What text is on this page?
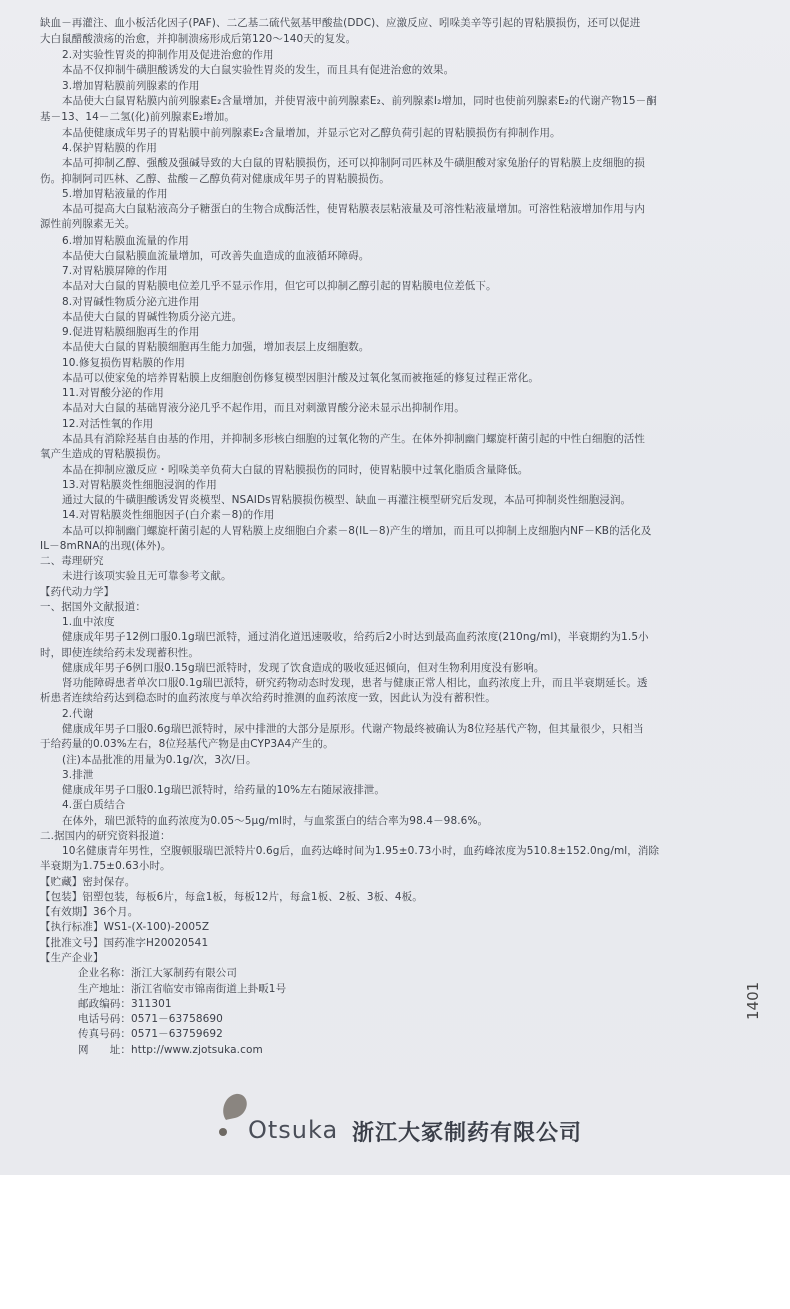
缺血－再灌注、血小板活化因子(PAF)、二乙基二硫代氨基甲酸盐(DDC)、应激反应、吲哚美辛等引起的胃粘膜损伤，还可以促进
大白鼠醋酸溃疡的治愈，并抑制溃疡形成后第120～140天的复发。
2.对实验性胃炎的抑制作用及促进治愈的作用
本品不仅抑制牛磺胆酸诱发的大白鼠实验性胃炎的发生，而且具有促进治愈的效果。
3.增加胃粘膜前列腺素的作用
本品使大白鼠胃粘膜内前列腺素E₂含量增加，并使胃液中前列腺素E₂、前列腺素I₂增加，同时也使前列腺素E₂的代谢产物15－酮
基－13、14－二氢(化)前列腺素E₂增加。
本品使健康成年男子的胃粘膜中前列腺素E₂含量增加，并显示它对乙醇负荷引起的胃粘膜损伤有抑制作用。
4.保护胃粘膜的作用
本品可抑制乙醇、强酸及强碱导致的大白鼠的胃粘膜损伤，还可以抑制阿司匹林及牛磺胆酸对家兔胎仔的胃粘膜上皮细胞的损
伤。抑制阿司匹林、乙醇、盐酸－乙醇负荷对健康成年男子的胃粘膜损伤。
5.增加胃粘液量的作用
本品可提高大白鼠粘液高分子糖蛋白的生物合成酶活性，使胃粘膜表层粘液量及可溶性粘液量增加。可溶性粘液增加作用与内
源性前列腺素无关。
6.增加胃粘膜血流量的作用
本品使大白鼠粘膜血流量增加，可改善失血造成的血液循环障碍。
7.对胃粘膜屏障的作用
本品对大白鼠的胃粘膜电位差几乎不显示作用，但它可以抑制乙醇引起的胃粘膜电位差低下。
8.对胃碱性物质分泌亢进作用
本品使大白鼠的胃碱性物质分泌亢进。
9.促进胃粘膜细胞再生的作用
本品使大白鼠的胃粘膜细胞再生能力加强，增加表层上皮细胞数。
10.修复损伤胃粘膜的作用
本品可以使家兔的培养胃粘膜上皮细胞创伤修复模型因胆汁酸及过氧化氢而被拖延的修复过程正常化。
11.对胃酸分泌的作用
本品对大白鼠的基础胃液分泌几乎不起作用，而且对刺激胃酸分泌未显示出抑制作用。
12.对活性氧的作用
本品具有消除羟基自由基的作用，并抑制多形核白细胞的过氧化物的产生。在体外抑制幽门螺旋杆菌引起的中性白细胞的活性
氧产生造成的胃粘膜损伤。
本品在抑制应激反应・吲哚美辛负荷大白鼠的胃粘膜损伤的同时，使胃粘膜中过氧化脂质含量降低。
13.对胃粘膜炎性细胞浸润的作用
通过大鼠的牛磺胆酸诱发胃炎模型、NSAIDs胃粘膜损伤模型、缺血－再灌注模型研究后发现，本品可抑制炎性细胞浸润。
14.对胃粘膜炎性细胞因子(白介素－8)的作用
本品可以抑制幽门螺旋杆菌引起的人胃粘膜上皮细胞白介素－8(IL－8)产生的增加，而且可以抑制上皮细胞内NF－KB的活化及
IL－8mRNA的出现(体外)。
二、毒理研究
未进行该项实验且无可靠参考文献。
【药代动力学】
一、据国外文献报道：
1.血中浓度
健康成年男子12例口服0.1g瑞巴派特，通过消化道迅速吸收，给药后2小时达到最高血药浓度(210ng/ml)，半衰期约为1.5小
时，即使连续给药未发现蓄积性。
健康成年男子6例口服0.15g瑞巴派特时，发现了饮食造成的吸收延迟倾向，但对生物利用度没有影响。
肾功能障碍患者单次口服0.1g瑞巴派特，研究药物动态时发现，患者与健康正常人相比，血药浓度上升，而且半衰期延长。透
析患者连续给药达到稳态时的血药浓度与单次给药时推测的血药浓度一致，因此认为没有蓄积性。
2.代谢
健康成年男子口服0.6g瑞巴派特时，尿中排泄的大部分是原形。代谢产物最终被确认为8位羟基代产物，但其量很少，只相当
于给药量的0.03%左右，8位羟基代产物是由CYP3A4产生的。
(注)本品批准的用量为0.1g/次，3次/日。
3.排泄
健康成年男子口服0.1g瑞巴派特时，给药量的10%左右随尿液排泄。
4.蛋白质结合
在体外，瑞巴派特的血药浓度为0.05～5μg/ml时，与血浆蛋白的结合率为98.4－98.6%。
二.据国内的研究资料报道：
10名健康青年男性，空腹顿服瑞巴派特片0.6g后，血药达峰时间为1.95±0.73小时，血药峰浓度为510.8±152.0ng/ml，消除
半衰期为1.75±0.63小时。
【贮藏】密封保存。
【包装】铝塑包装，每板6片，每盒1板，每板12片，每盒1板、2板、3板、4板。
【有效期】36个月。
【执行标准】WS1-(X-100)-2005Z
【批准文号】国药准字H20020541
【生产企业】
企业名称：浙江大冢制药有限公司
生产地址：浙江省临安市锦南街道上卦畈1号
邮政编码：311301
电话号码：0571－63758690
传真号码：0571－63759692
网　　址：http://www.zjotsuka.com
1401
Otsuka 浙江大冢制药有限公司
